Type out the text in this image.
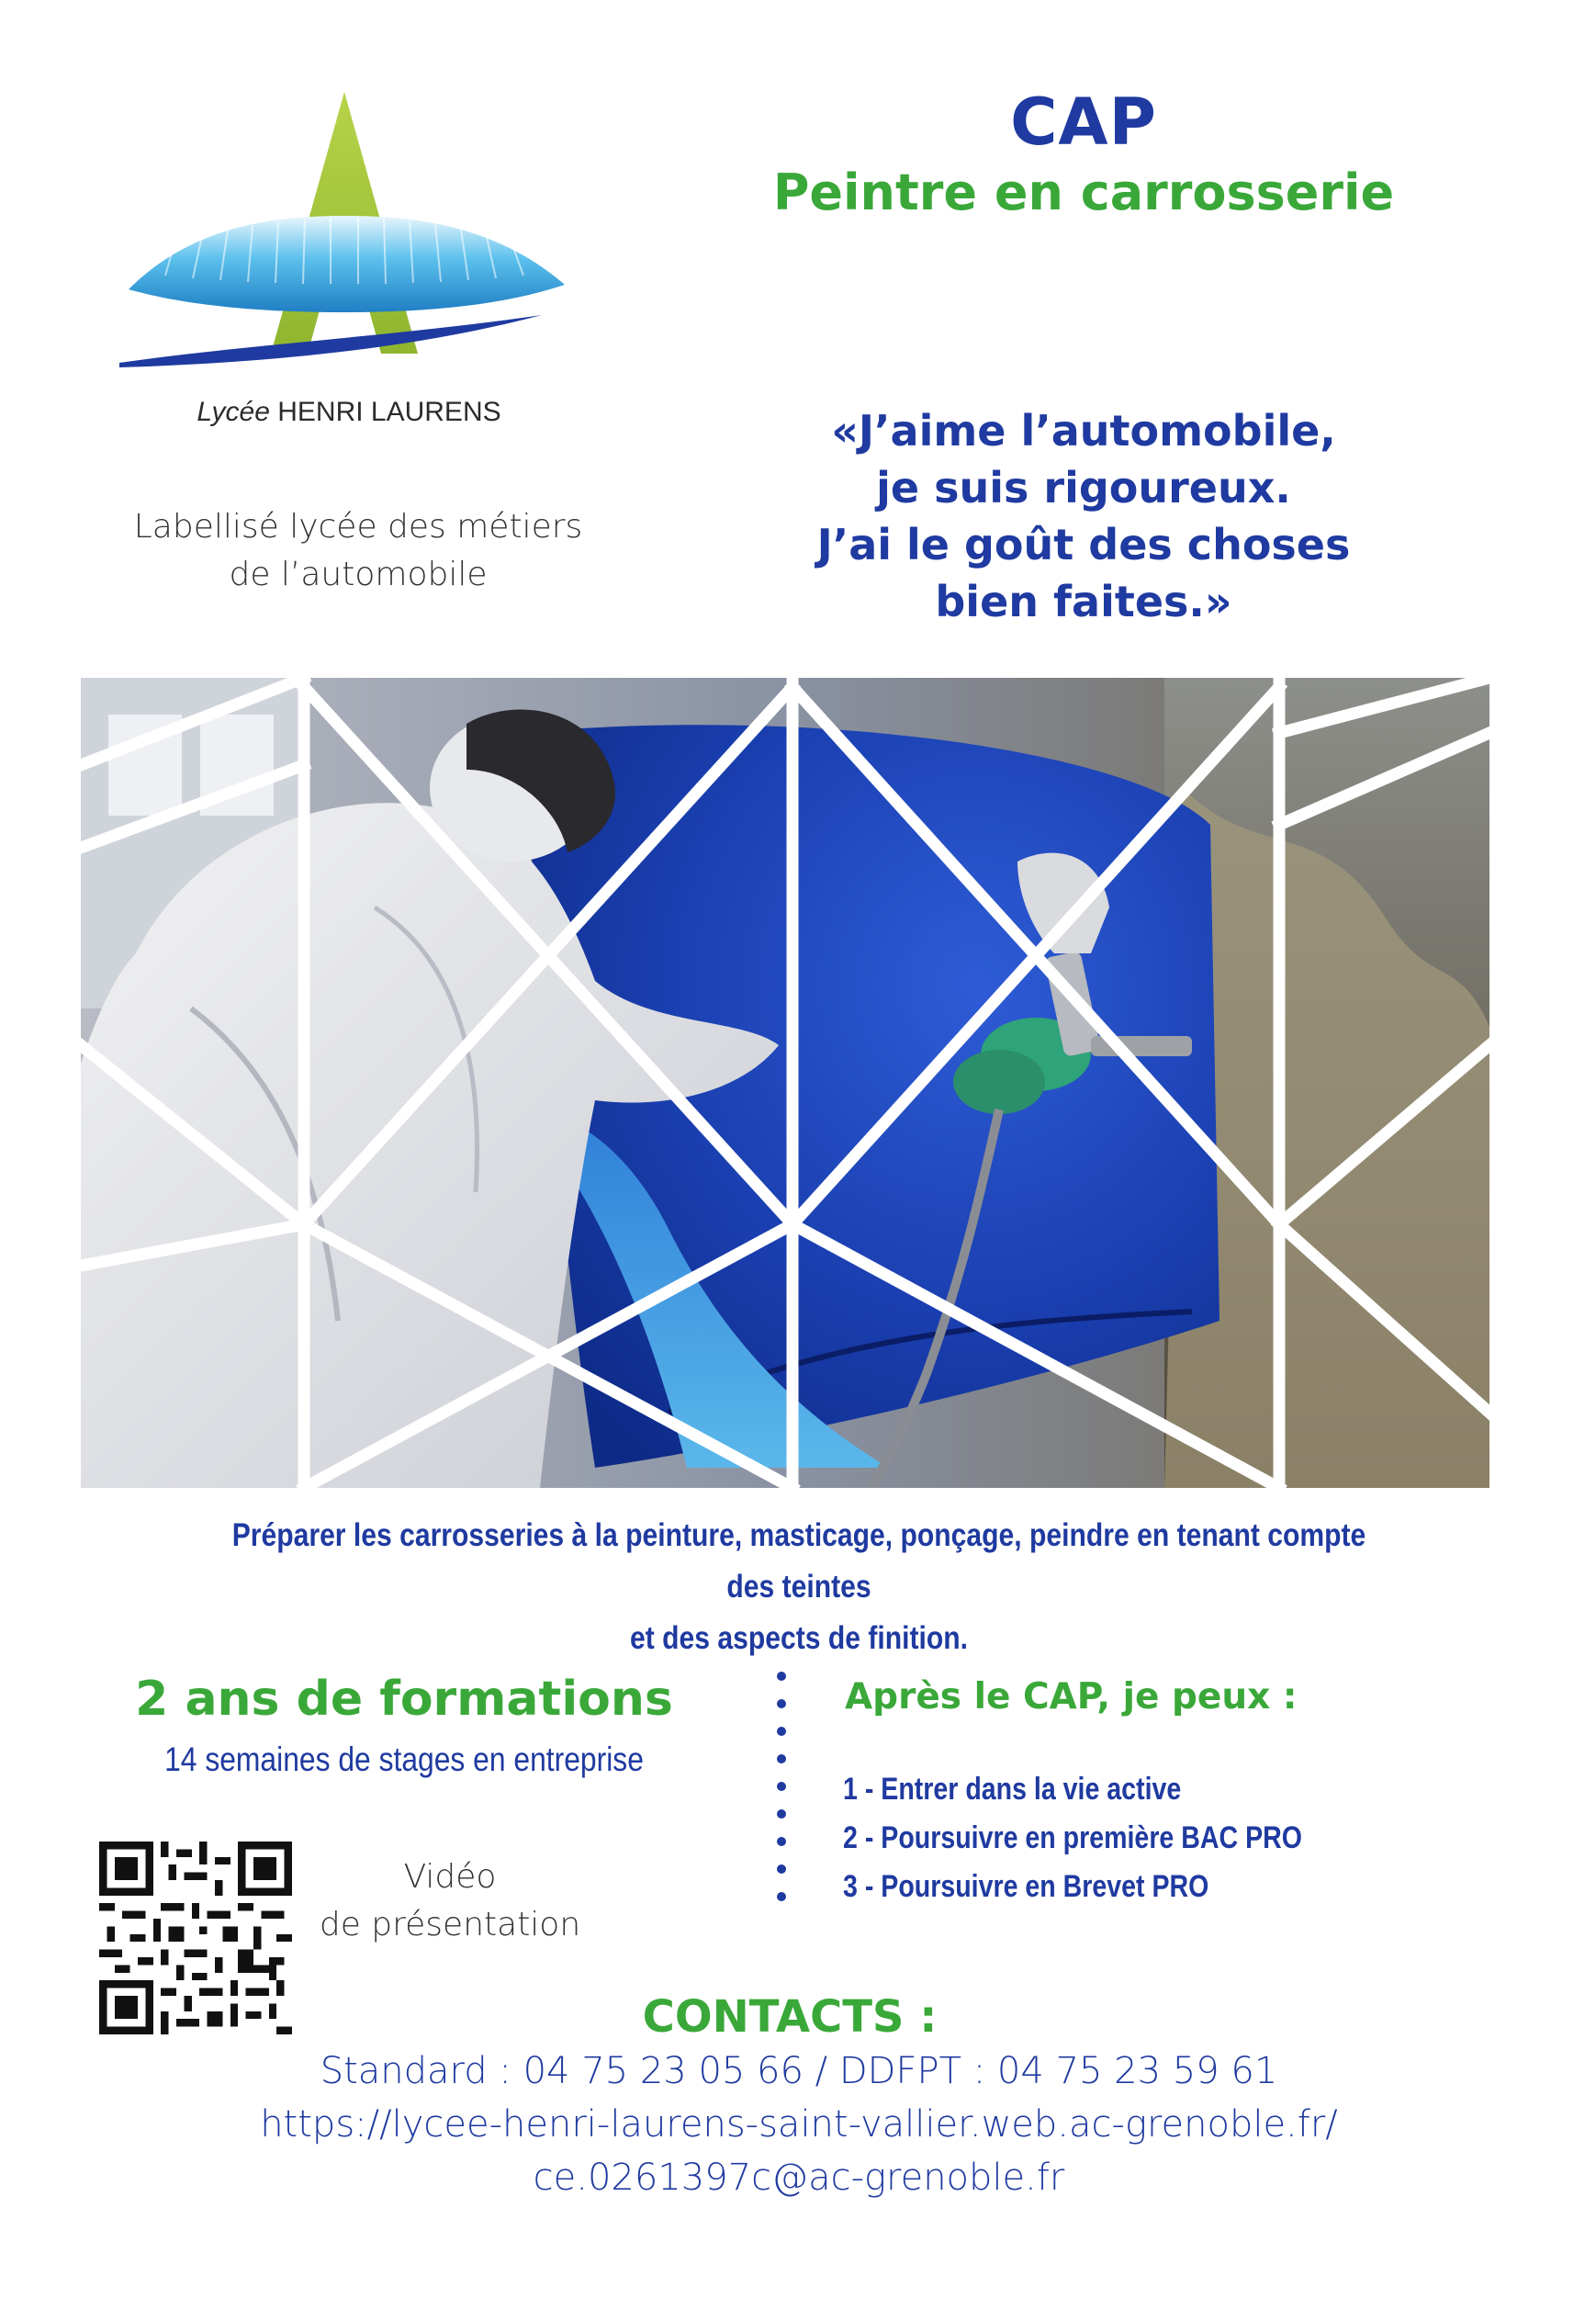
Lycée HENRI LAURENS
Labellisé lycée des métiers
de l’automobile
CAP
Peintre en carrosserie
«J’aime l’automobile,
je suis rigoureux.
J’ai le goût des choses
bien faites.»
Préparer les carrosseries à la peinture, masticage, ponçage, peindre en tenant compte des teintes
et des aspects de finition.
2 ans de formations
14 semaines de stages en entreprise
Vidéo
de présentation
Après le CAP, je peux :
1 - Entrer dans la vie active
2 - Poursuivre en première BAC PRO
3 - Poursuivre en Brevet PRO
CONTACTS :
Standard : 04 75 23 05 66 / DDFPT : 04 75 23 59 61
https://lycee-henri-laurens-saint-vallier.web.ac-grenoble.fr/
ce.0261397c@ac-grenoble.fr
